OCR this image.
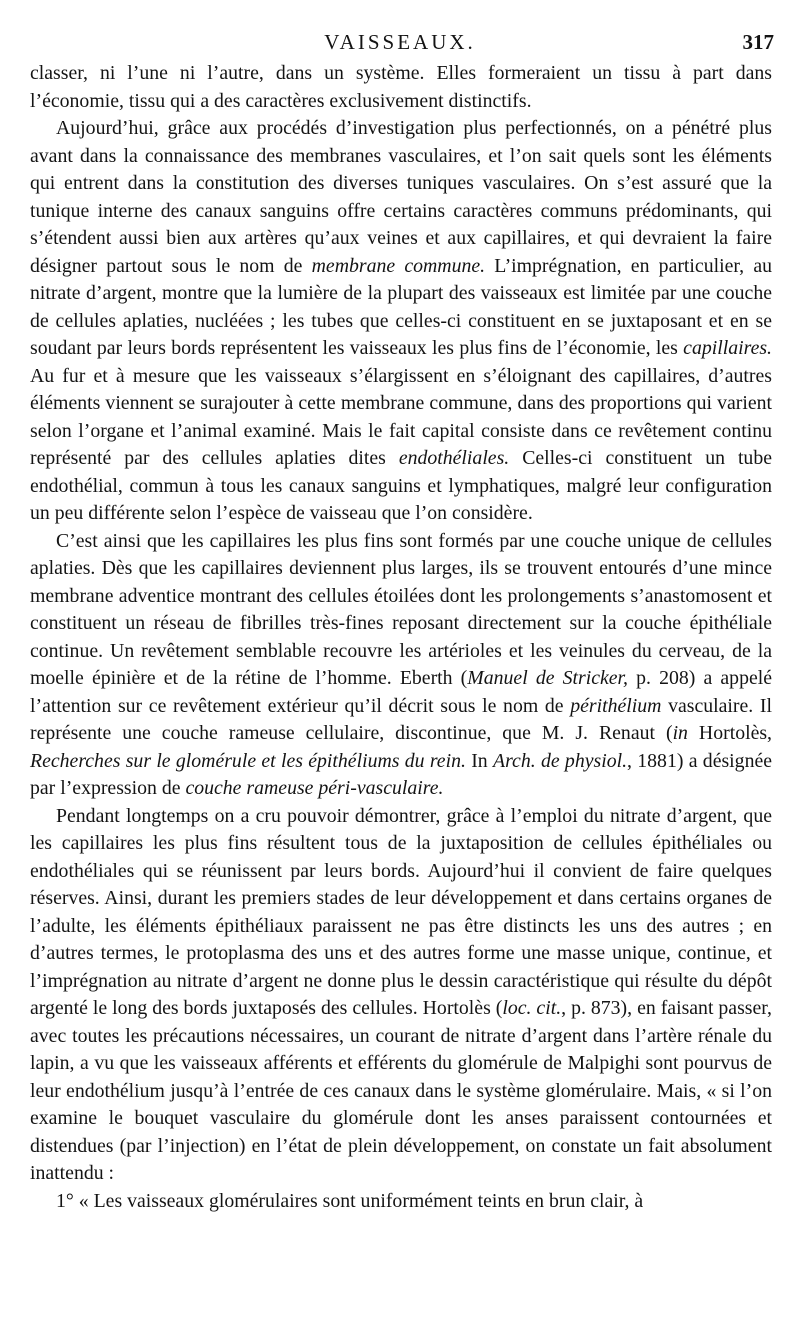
VAISSEAUX.	317

classer, ni l’une ni l’autre, dans un système. Elles formeraient un tissu à part dans l’économie, tissu qui a des caractères exclusivement distinctifs.

Aujourd’hui, grâce aux procédés d’investigation plus perfectionnés, on a pénétré plus avant dans la connaissance des membranes vasculaires, et l’on sait quels sont les éléments qui entrent dans la constitution des diverses tuniques vasculaires. On s’est assuré que la tunique interne des canaux sanguins offre certains caractères communs prédominants, qui s’étendent aussi bien aux artères qu’aux veines et aux capillaires, et qui devraient la faire désigner partout sous le nom de membrane commune. L’imprégnation, en particulier, au nitrate d’argent, montre que la lumière de la plupart des vaisseaux est limitée par une couche de cellules aplaties, nucléées ; les tubes que celles-ci constituent en se juxtaposant et en se soudant par leurs bords représentent les vaisseaux les plus fins de l’économie, les capillaires. Au fur et à mesure que les vaisseaux s’élargissent en s’éloignant des capillaires, d’autres éléments viennent se surajouter à cette membrane commune, dans des proportions qui varient selon l’organe et l’animal examiné. Mais le fait capital consiste dans ce revêtement continu représenté par des cellules aplaties dites endothéliales. Celles-ci constituent un tube endothélial, commun à tous les canaux sanguins et lymphatiques, malgré leur configuration un peu différente selon l’espèce de vaisseau que l’on considère.

C’est ainsi que les capillaires les plus fins sont formés par une couche unique de cellules aplaties. Dès que les capillaires deviennent plus larges, ils se trouvent entourés d’une mince membrane adventice montrant des cellules étoilées dont les prolongements s’anastomosent et constituent un réseau de fibrilles très-fines reposant directement sur la couche épithéliale continue. Un revêtement semblable recouvre les artérioles et les veinules du cerveau, de la moelle épinière et de la rétine de l’homme. Eberth (Manuel de Stricker, p. 208) a appelé l’attention sur ce revêtement extérieur qu’il décrit sous le nom de périthélium vasculaire. Il représente une couche rameuse cellulaire, discontinue, que M. J. Renaut (in Hortolès, Recherches sur le glomérule et les épithéliums du rein. In Arch. de physiol., 1881) a désignée par l’expression de couche rameuse péri-vasculaire.

Pendant longtemps on a cru pouvoir démontrer, grâce à l’emploi du nitrate d’argent, que les capillaires les plus fins résultent tous de la juxtaposition de cellules épithéliales ou endothéliales qui se réunissent par leurs bords. Aujourd’hui il convient de faire quelques réserves. Ainsi, durant les premiers stades de leur développement et dans certains organes de l’adulte, les éléments épithéliaux paraissent ne pas être distincts les uns des autres ; en d’autres termes, le protoplasma des uns et des autres forme une masse unique, continue, et l’imprégnation au nitrate d’argent ne donne plus le dessin caractéristique qui résulte du dépôt argenté le long des bords juxtaposés des cellules. Hortolès (loc. cit., p. 873), en faisant passer, avec toutes les précautions nécessaires, un courant de nitrate d’argent dans l’artère rénale du lapin, a vu que les vaisseaux afférents et efférents du glomérule de Malpighi sont pourvus de leur endothélium jusqu’à l’entrée de ces canaux dans le système glomérulaire. Mais, « si l’on examine le bouquet vasculaire du glomérule dont les anses paraissent contournées et distendues (par l’injection) en l’état de plein développement, on constate un fait absolument inattendu :

1° « Les vaisseaux glomérulaires sont uniformément teints en brun clair, à
